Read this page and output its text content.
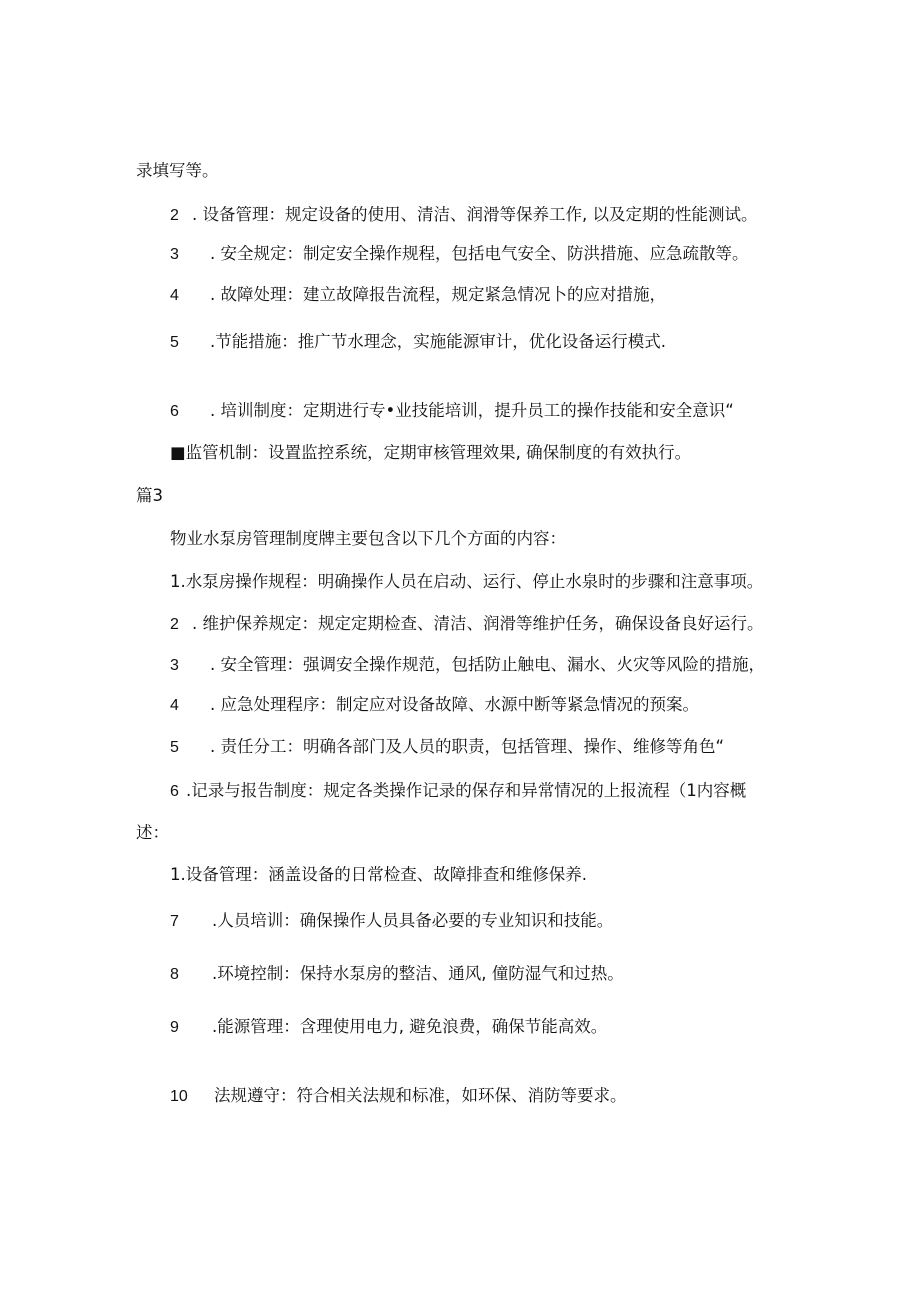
录填写等。
2 . 设备管理：规定设备的使用、清洁、润滑等保养工作, 以及定期的性能测试。
3 . 安全规定：制定安全操作规程，包括电气安全、防洪措施、应急疏散等。
4 . 故障处理：建立故障报告流程，规定紧急情况卜的应对措施，
5 .节能措施：推广节水理念，实施能源审计，优化设备运行模式.
6 . 培训制度：定期进行专•业技能培训，提升员工的操作技能和安全意识“
■监管机制：设置监控系统，定期审核管理效果, 确保制度的有效执行。
篇3
物业水泵房管理制度牌主要包含以下几个方面的内容：
1.水泵房操作规程：明确操作人员在启动、运行、停止水泉时的步骤和注意事项。
2 . 维护保养规定：规定定期检查、清洁、润滑等维护任务，确保设备良好运行。
3 . 安全管理：强调安全操作规范，包括防止触电、漏水、火灾等风险的措施，
4 . 应急处理程序：制定应对设备故障、水源中断等紧急情况的预案。
5 . 责任分工：明确各部门及人员的职责，包括管理、操作、维修等角色“
6 .记录与报告制度：规定各类操作记录的保存和异常情况的上报流程（1内容概
述：
1.设备管理：涵盖设备的日常检查、故障排查和维修保养.
7 .人员培训：确保操作人员具备必要的专业知识和技能。
8 .环境控制：保持水泵房的整洁、通风, 僮防湿气和过热。
9 .能源管理：含理使用电力, 避免浪费，确保节能高效。
10 法规遵守：符合相关法规和标准，如环保、消防等要求。
